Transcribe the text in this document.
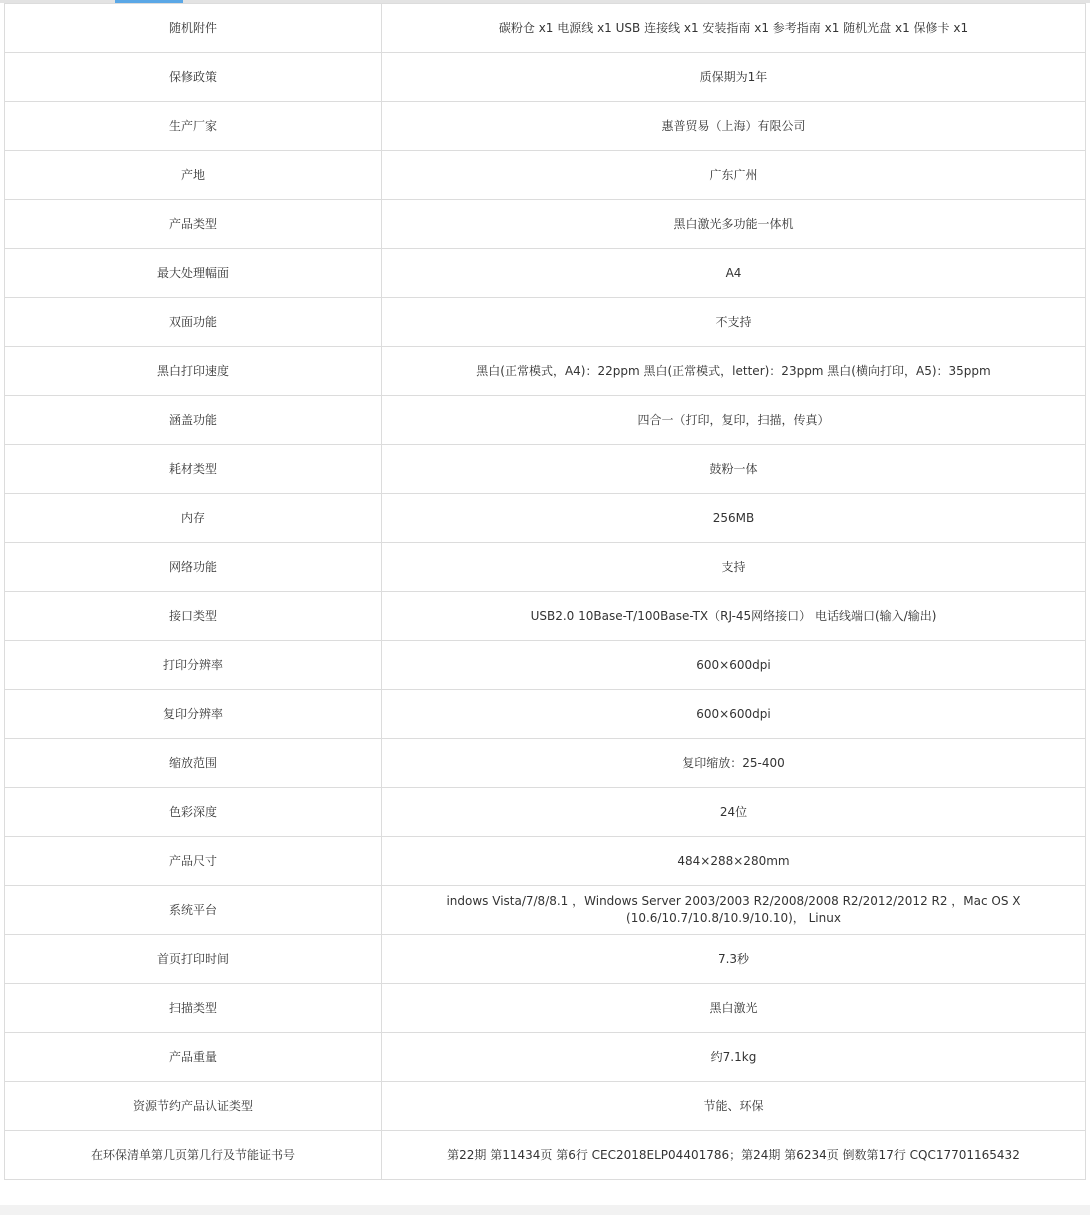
随机附件	碳粉仓 x1 电源线 x1 USB 连接线 x1 安装指南 x1 参考指南 x1 随机光盘 x1 保修卡 x1
保修政策	质保期为1年
生产厂家	惠普贸易（上海）有限公司
产地	广东广州
产品类型	黑白激光多功能一体机
最大处理幅面	A4
双面功能	不支持
黑白打印速度	黑白(正常模式，A4)：22ppm 黑白(正常模式，letter)：23ppm 黑白(横向打印，A5)：35ppm
涵盖功能	四合一（打印，复印，扫描，传真）
耗材类型	鼓粉一体
内存	256MB
网络功能	支持
接口类型	USB2.0 10Base-T/100Base-TX（RJ-45网络接口） 电话线端口(输入/输出)
打印分辨率	600×600dpi
复印分辨率	600×600dpi
缩放范围	复印缩放：25-400
色彩深度	24位
产品尺寸	484×288×280mm
系统平台	indows Vista/7/8/8.1 ，Windows Server 2003/2003 R2/2008/2008 R2/2012/2012 R2 ，Mac OS X (10.6/10.7/10.8/10.9/10.10)， Linux
首页打印时间	7.3秒
扫描类型	黑白激光
产品重量	约7.1kg
资源节约产品认证类型	节能、环保
在环保清单第几页第几行及节能证书号	第22期 第11434页 第6行 CEC2018ELP04401786；第24期 第6234页 倒数第17行 CQC17701165432
